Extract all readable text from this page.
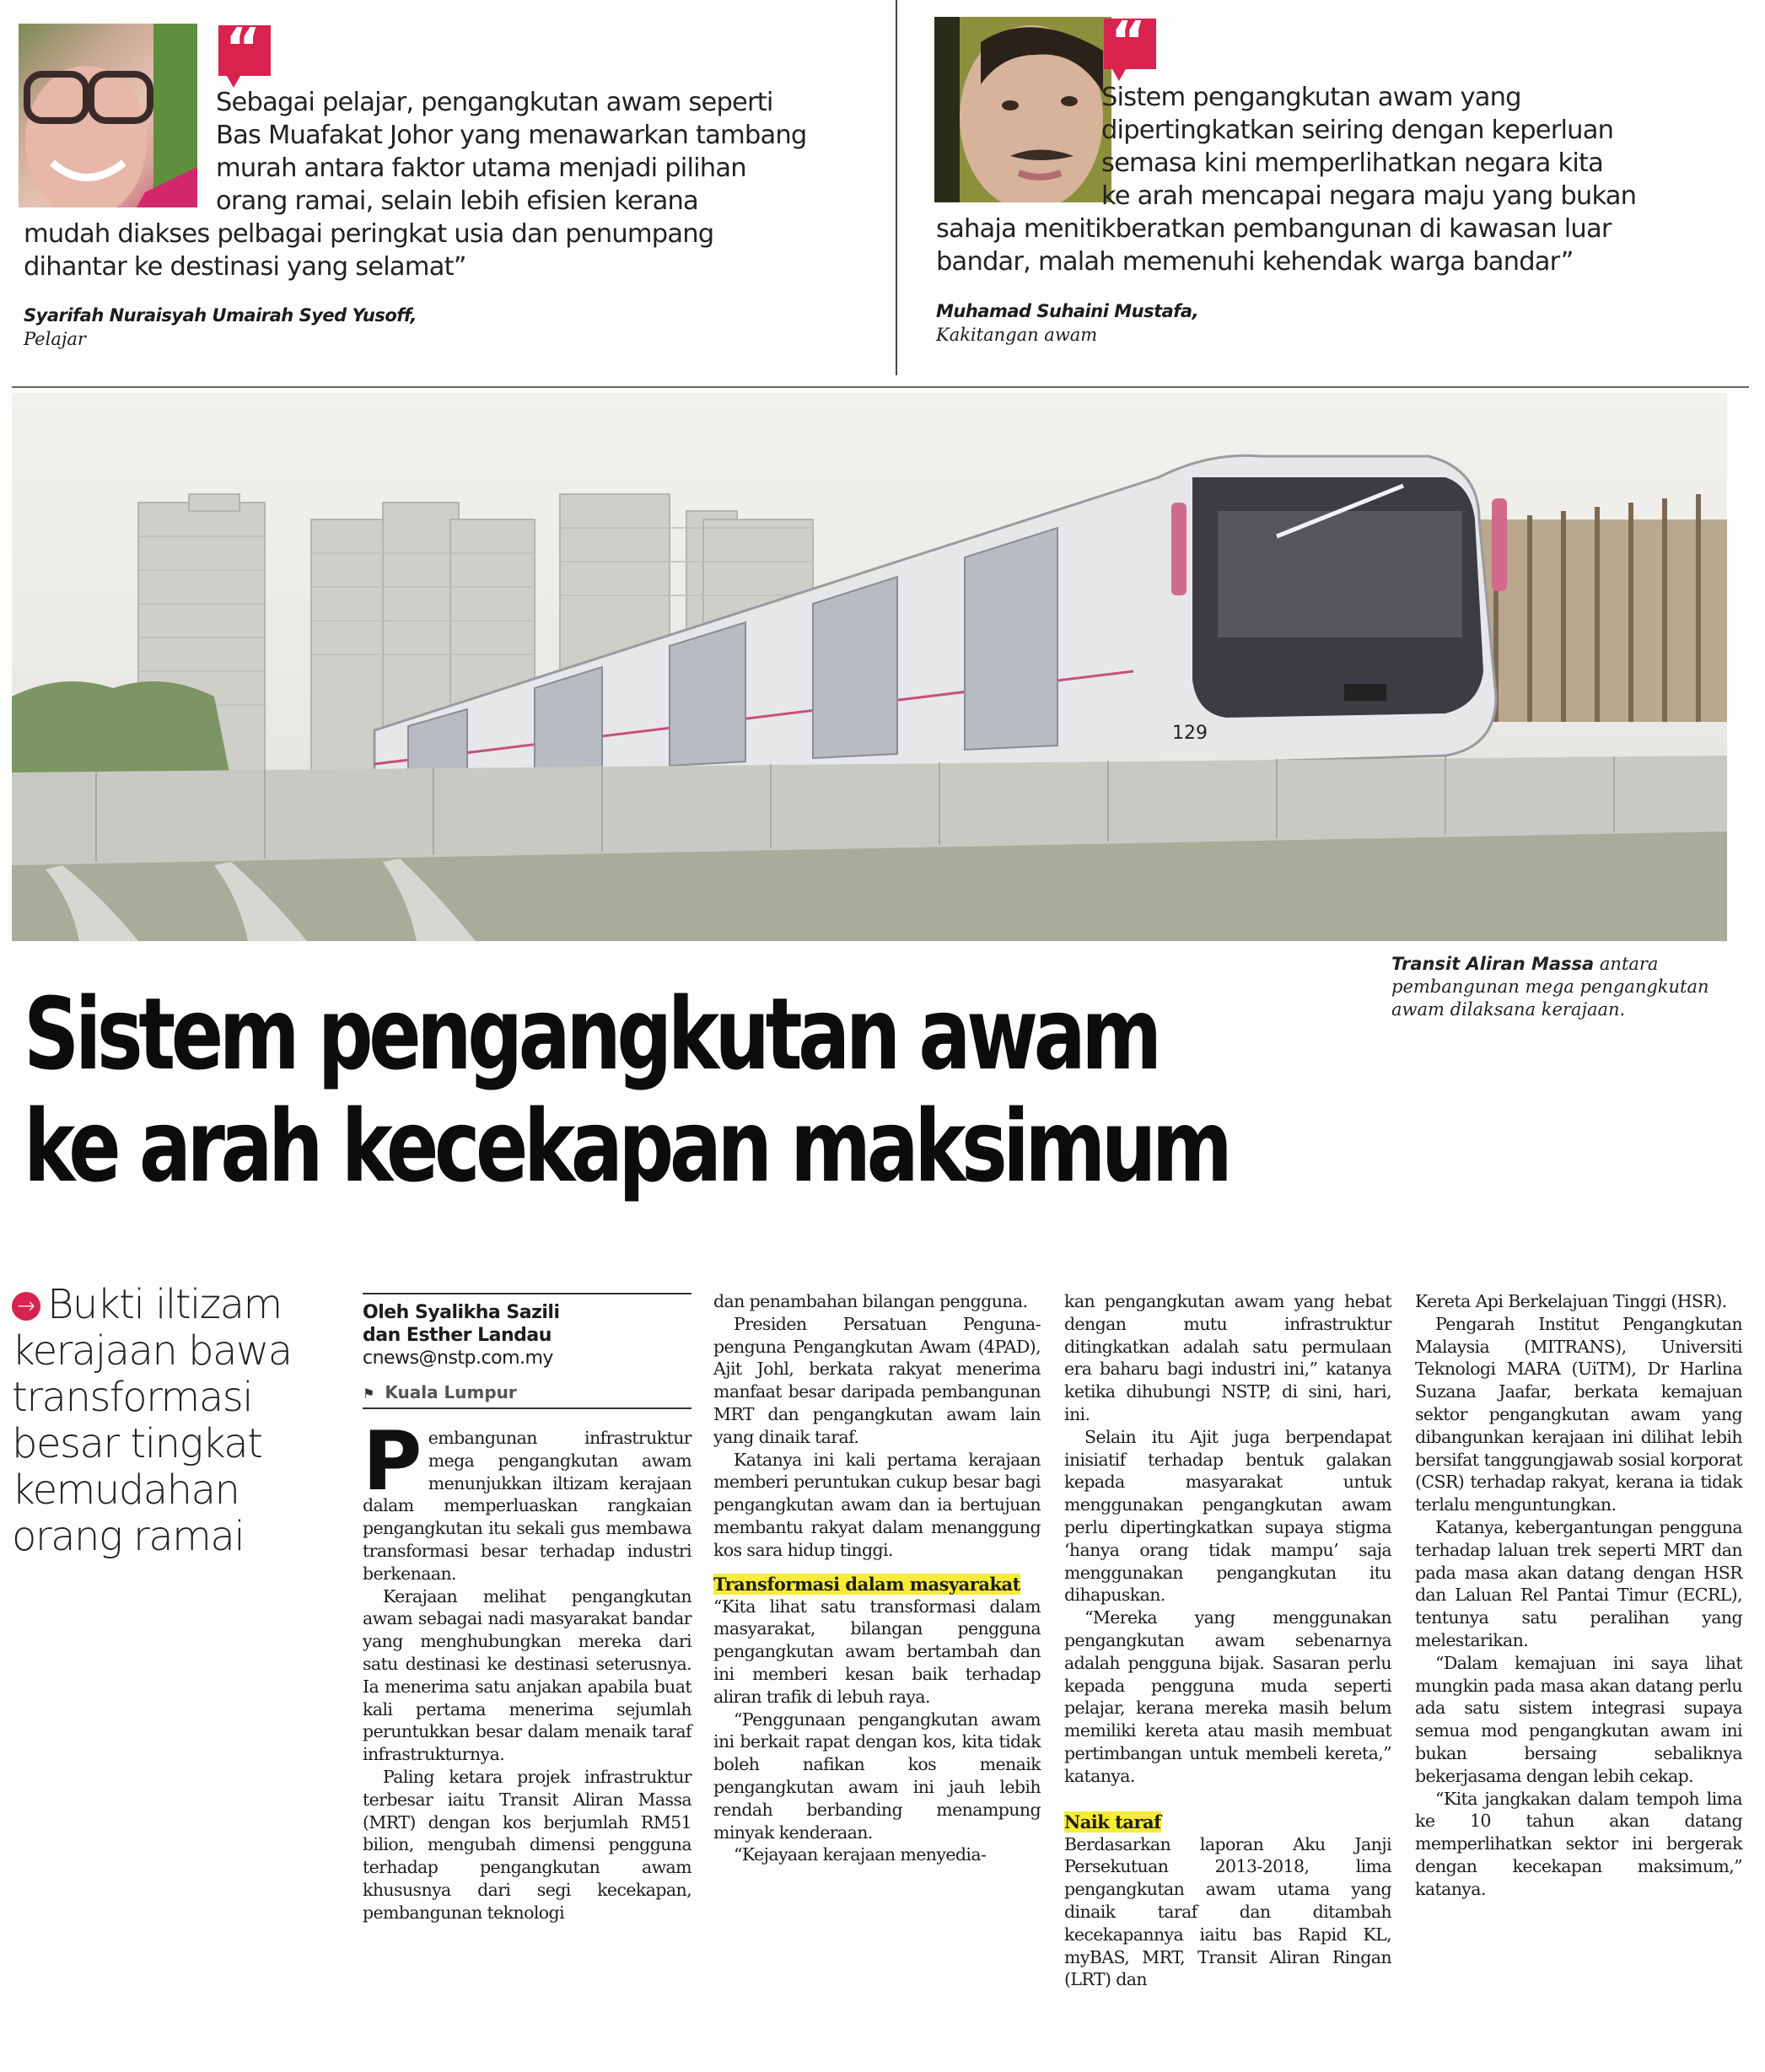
“
Sebagai pelajar, pengangkutan awam seperti
Bas Muafakat Johor yang menawarkan tambang
murah antara faktor utama menjadi pilihan
orang ramai, selain lebih efisien kerana
mudah diakses pelbagai peringkat usia dan penumpang
dihantar ke destinasi yang selamat”
Syarifah Nuraisyah Umairah Syed Yusoff,
Pelajar
“
Sistem pengangkutan awam yang
dipertingkatkan seiring dengan keperluan
semasa kini memperlihatkan negara kita
ke arah mencapai negara maju yang bukan
sahaja menitikberatkan pembangunan di kawasan luar
bandar, malah memenuhi kehendak warga bandar”
Muhamad Suhaini Mustafa,
Kakitangan awam
129
Transit Aliran Massa antara pembangunan mega pengangkutan awam dilaksana kerajaan.
Sistem pengangkutan awam
ke arah kecekapan maksimum
→ Bukti iltizam kerajaan bawa transformasi besar tingkat kemudahan orang ramai
Oleh Syalikha Sazili
dan Esther Landau
cnews@nstp.com.my
⚑ Kuala Lumpur

Pembangunan infrastruktur mega pengangkutan awam menunjukkan iltizam kerajaan dalam memperluaskan rangkaian pengangkutan itu sekali gus membawa transformasi besar terhadap industri berkenaan.

Kerajaan melihat pengangkutan awam sebagai nadi masyarakat bandar yang menghubungkan mereka dari satu destinasi ke destinasi seterusnya. Ia menerima satu anjakan apabila buat kali pertama menerima sejumlah peruntukkan besar dalam menaik taraf infrastrukturnya.

Paling ketara projek infrastruktur terbesar iaitu Transit Aliran Massa (MRT) dengan kos berjumlah RM51 bilion, mengubah dimensi pengguna terhadap pengangkutan awam khususnya dari segi kecekapan, pembangunan teknologi

dan penambahan bilangan pengguna.

Presiden Persatuan Penguna-penguna Pengangkutan Awam (4PAD), Ajit Johl, berkata rakyat menerima manfaat besar daripada pembangunan MRT dan pengangkutan awam lain yang dinaik taraf.

Katanya ini kali pertama kerajaan memberi peruntukan cukup besar bagi pengangkutan awam dan ia bertujuan membantu rakyat dalam menanggung kos sara hidup tinggi.

Transformasi dalam masyarakat

“Kita lihat satu transformasi dalam masyarakat, bilangan pengguna pengangkutan awam bertambah dan ini memberi kesan baik terhadap aliran trafik di lebuh raya.

“Penggunaan pengangkutan awam ini berkait rapat dengan kos, kita tidak boleh nafikan kos menaik pengangkutan awam ini jauh lebih rendah berbanding menampung minyak kenderaan.

“Kejayaan kerajaan menyedia-

kan pengangkutan awam yang hebat dengan mutu infrastruktur ditingkatkan adalah satu permulaan era baharu bagi industri ini,” katanya ketika dihubungi NSTP, di sini, hari, ini.

Selain itu Ajit juga berpendapat inisiatif terhadap bentuk galakan kepada masyarakat untuk menggunakan pengangkutan awam perlu dipertingkatkan supaya stigma ‘hanya orang tidak mampu’ saja menggunakan pengangkutan itu dihapuskan.

“Mereka yang menggunakan pengangkutan awam sebenarnya adalah pengguna bijak. Sasaran perlu kepada pengguna muda seperti pelajar, kerana mereka masih belum memiliki kereta atau masih membuat pertimbangan untuk membeli kereta,” katanya.

Naik taraf

Berdasarkan laporan Aku Janji Persekutuan 2013-2018, lima pengangkutan awam utama yang dinaik taraf dan ditambah kecekapannya iaitu bas Rapid KL, myBAS, MRT, Transit Aliran Ringan (LRT) dan

Kereta Api Berkelajuan Tinggi (HSR).

Pengarah Institut Pengangkutan Malaysia (MITRANS), Universiti Teknologi MARA (UiTM), Dr Harlina Suzana Jaafar, berkata kemajuan sektor pengangkutan awam yang dibangunkan kerajaan ini dilihat lebih bersifat tanggungjawab sosial korporat (CSR) terhadap rakyat, kerana ia tidak terlalu menguntungkan.

Katanya, kebergantungan pengguna terhadap laluan trek seperti MRT dan pada masa akan datang dengan HSR dan Laluan Rel Pantai Timur (ECRL), tentunya satu peralihan yang melestarikan.

“Dalam kemajuan ini saya lihat mungkin pada masa akan datang perlu ada satu sistem integrasi supaya semua mod pengangkutan awam ini bukan bersaing sebaliknya bekerjasama dengan lebih cekap.

“Kita jangkakan dalam tempoh lima ke 10 tahun akan datang memperlihatkan sektor ini bergerak dengan kecekapan maksimum,” katanya.
